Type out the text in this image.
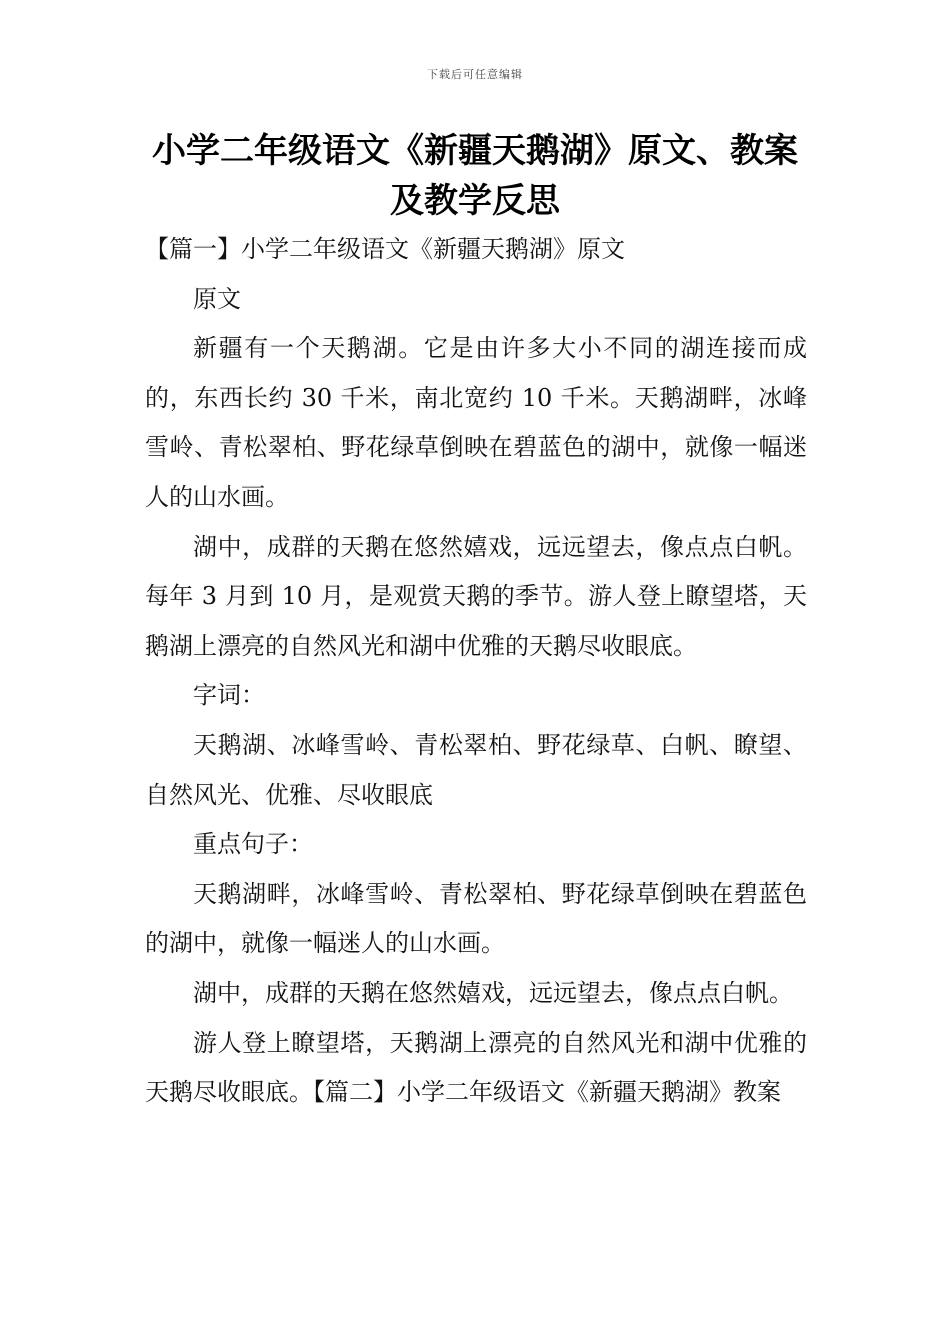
下载后可任意编辑
小学二年级语文《新疆天鹅湖》原文、教案及教学反思

【篇一】小学二年级语文《新疆天鹅湖》原文

原文

新疆有一个天鹅湖。它是由许多大小不同的湖连接而成的，东西长约 30 千米，南北宽约 10 千米。天鹅湖畔，冰峰雪岭、青松翠柏、野花绿草倒映在碧蓝色的湖中，就像一幅迷人的山水画。

湖中，成群的天鹅在悠然嬉戏，远远望去，像点点白帆。每年 3 月到 10 月，是观赏天鹅的季节。游人登上瞭望塔，天鹅湖上漂亮的自然风光和湖中优雅的天鹅尽收眼底。

字词：

天鹅湖、冰峰雪岭、青松翠柏、野花绿草、白帆、瞭望、自然风光、优雅、尽收眼底

重点句子：

天鹅湖畔，冰峰雪岭、青松翠柏、野花绿草倒映在碧蓝色的湖中，就像一幅迷人的山水画。

湖中，成群的天鹅在悠然嬉戏，远远望去，像点点白帆。

游人登上瞭望塔，天鹅湖上漂亮的自然风光和湖中优雅的天鹅尽收眼底。【篇二】小学二年级语文《新疆天鹅湖》教案
